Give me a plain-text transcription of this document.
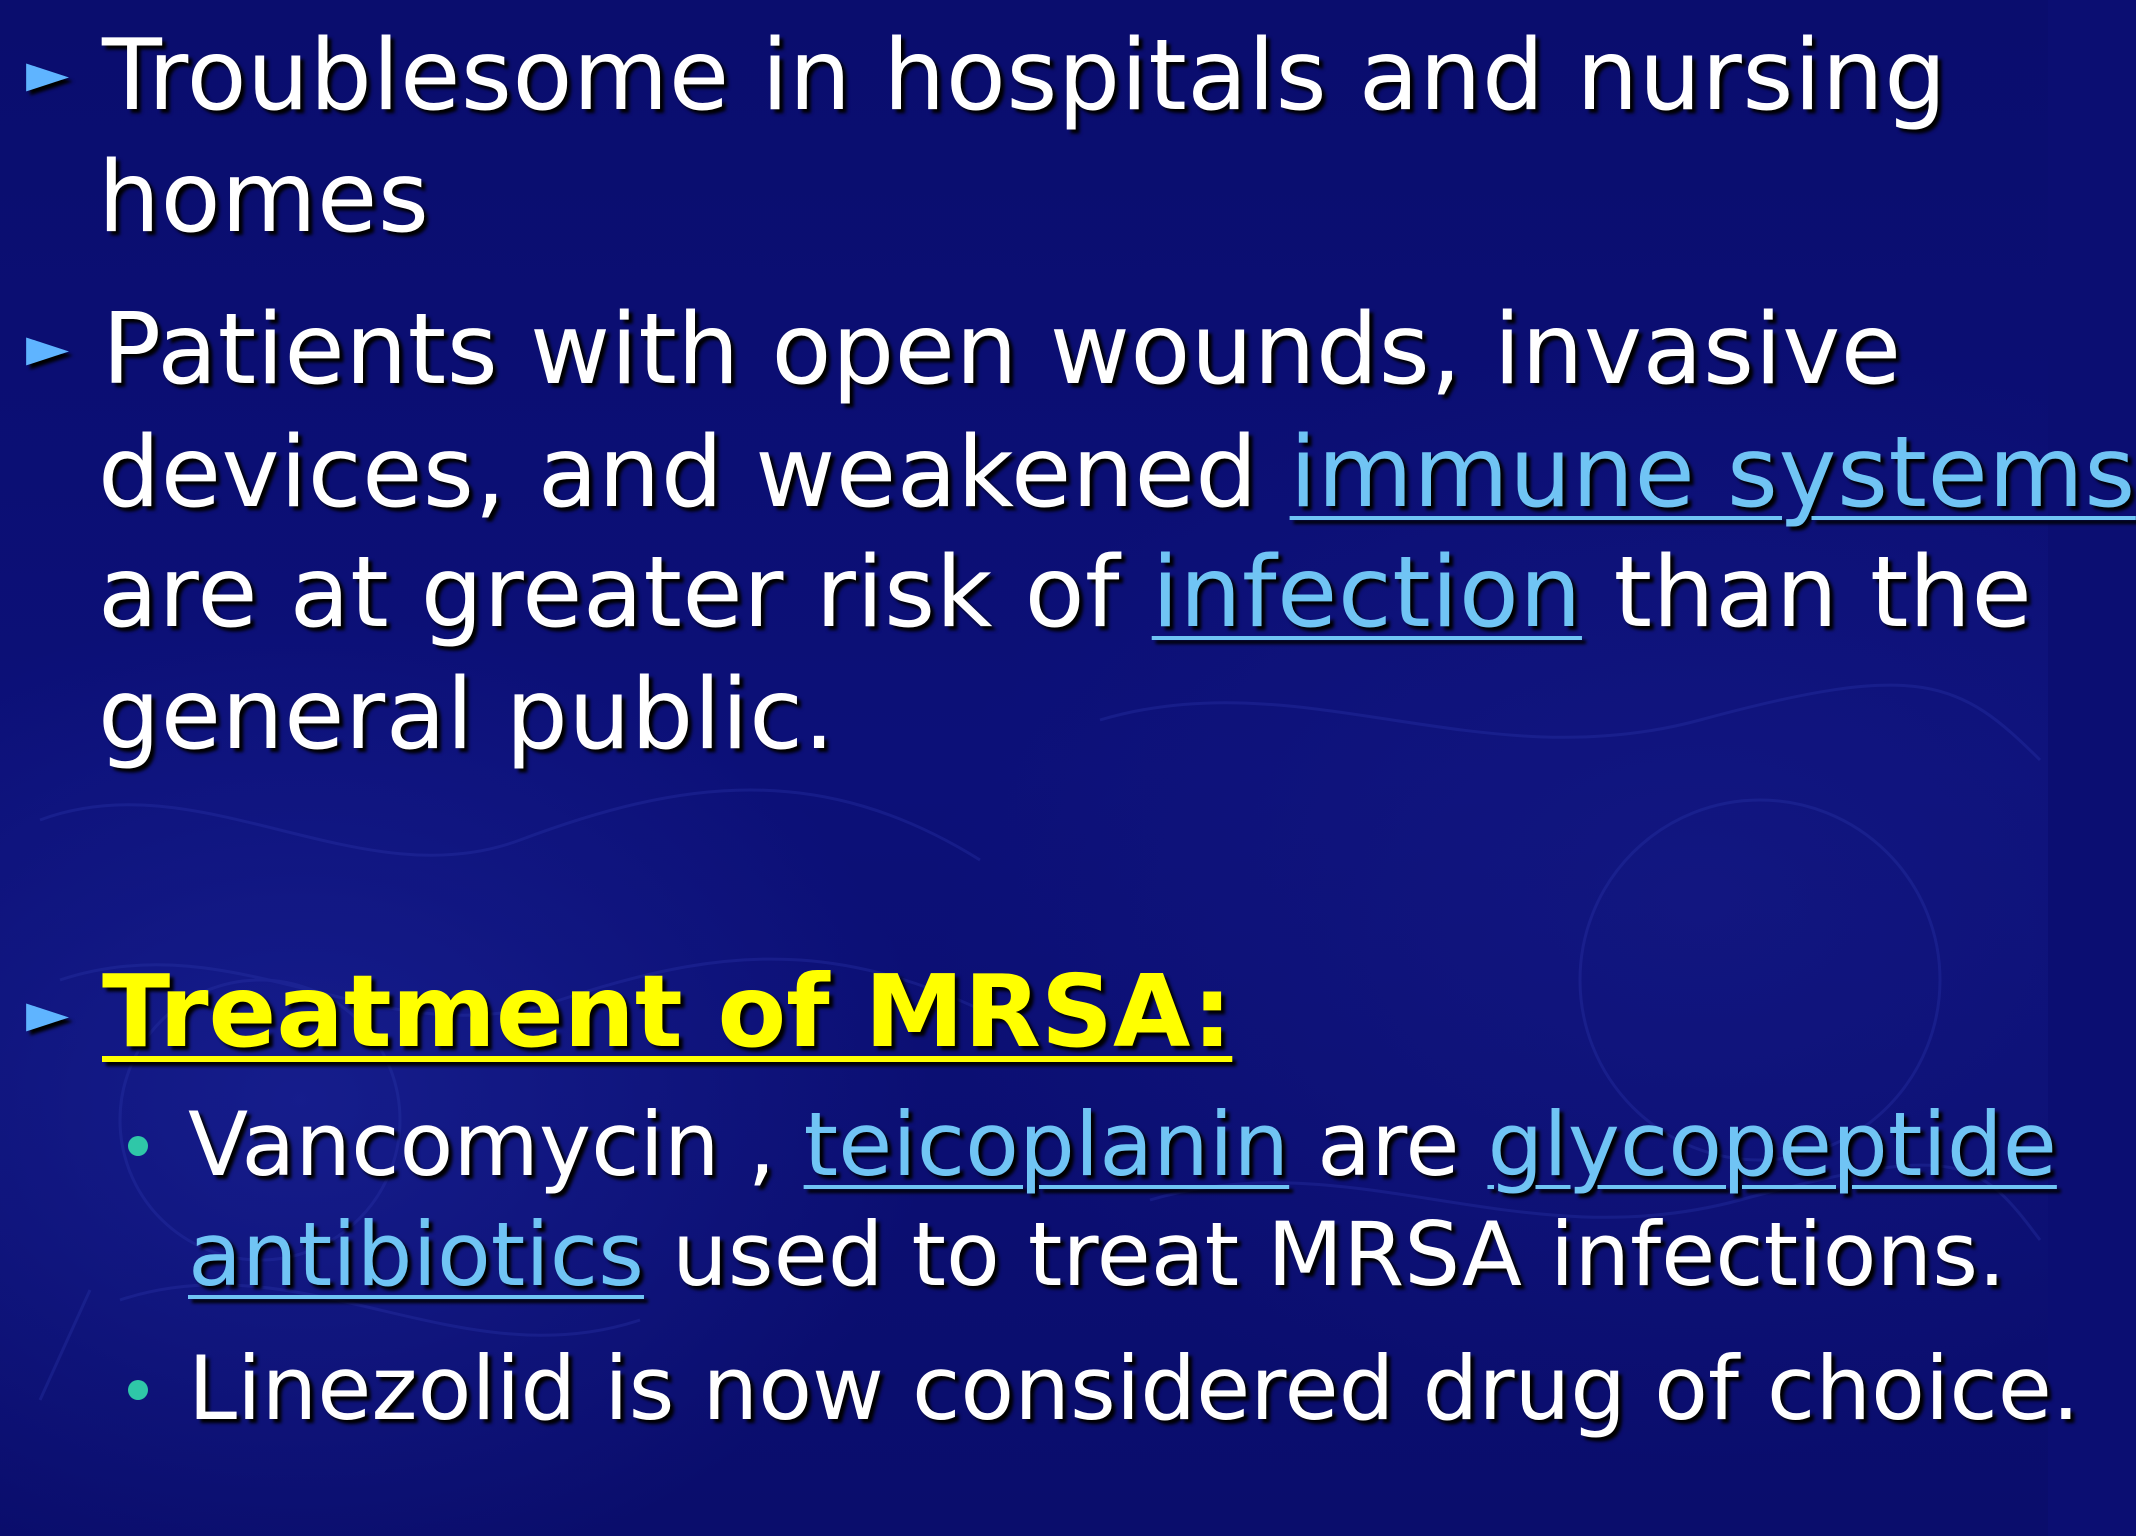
► Troublesome in hospitals and nursing
homes
► Patients with open wounds, invasive
devices, and weakened immune systems
are at greater risk of infection than the
general public.
► Treatment of MRSA:
Vancomycin , teicoplanin are glycopeptide
antibiotics used to treat MRSA infections.
Linezolid is now considered drug of choice.
